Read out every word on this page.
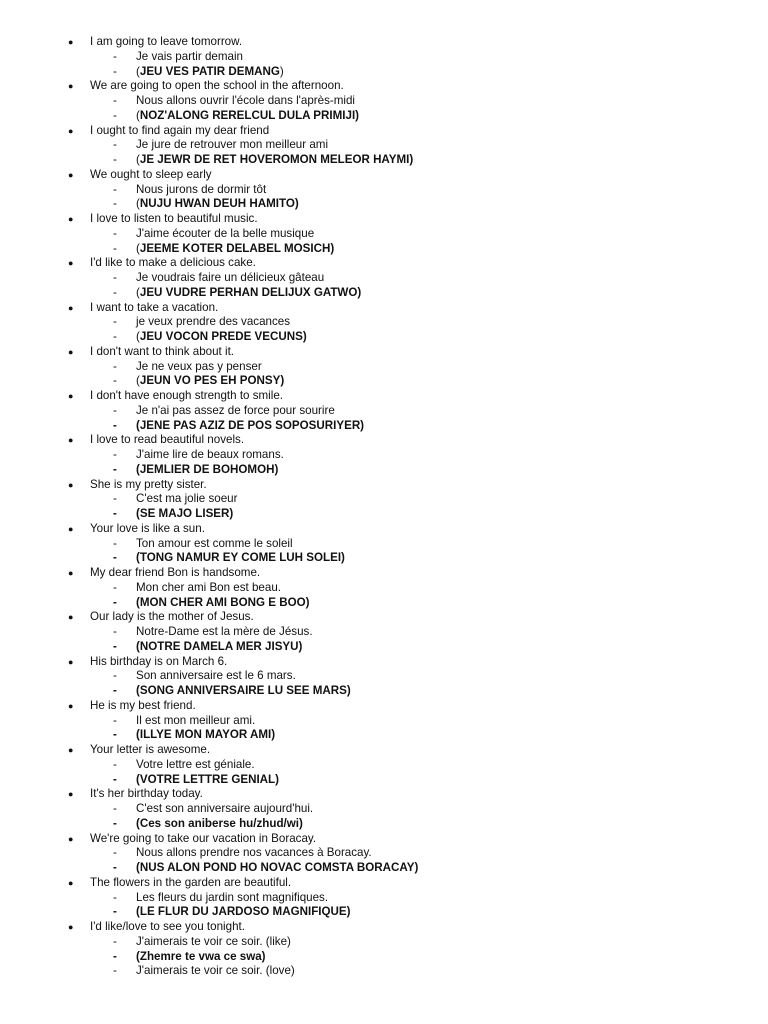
● I am going to leave tomorrow.
- Je vais partir demain
- (JEU VES PATIR DEMANG)
● We are going to open the school in the afternoon.
- Nous allons ouvrir l'école dans l'après-midi
- (NOZ'ALONG RERELCUL DULA PRIMIJI)
● I ought to find again my dear friend
- Je jure de retrouver mon meilleur ami
- (JE JEWR DE RET HOVEROMON MELEOR HAYMI)
● We ought to sleep early
- Nous jurons de dormir tôt
- (NUJU HWAN DEUH HAMITO)
● I love to listen to beautiful music.
- J'aime écouter de la belle musique
- (JEEME KOTER DELABEL MOSICH)
● I'd like to make a delicious cake.
- Je voudrais faire un délicieux gâteau
- (JEU VUDRE PERHAN DELIJUX GATWO)
● I want to take a vacation.
- je veux prendre des vacances
- (JEU VOCON PREDE VECUNS)
● I don't want to think about it.
- Je ne veux pas y penser
- (JEUN VO PES EH PONSY)
● I don't have enough strength to smile.
- Je n'ai pas assez de force pour sourire
- (JENE PAS AZIZ DE POS SOPOSURIYER)
● I love to read beautiful novels.
- J'aime lire de beaux romans.
- (JEMLIER DE BOHOMOH)
● She is my pretty sister.
- C'est ma jolie soeur
- (SE MAJO LISER)
● Your love is like a sun.
- Ton amour est comme le soleil
- (TONG NAMUR EY COME LUH SOLEI)
● My dear friend Bon is handsome.
- Mon cher ami Bon est beau.
- (MON CHER AMI BONG E BOO)
● Our lady is the mother of Jesus.
- Notre-Dame est la mère de Jésus.
- (NOTRE DAMELA MER JISYU)
● His birthday is on March 6.
- Son anniversaire est le 6 mars.
- (SONG ANNIVERSAIRE LU SEE MARS)
● He is my best friend.
- Il est mon meilleur ami.
- (ILLYE MON MAYOR AMI)
● Your letter is awesome.
- Votre lettre est géniale.
- (VOTRE LETTRE GENIAL)
● It's her birthday today.
- C'est son anniversaire aujourd'hui.
- (Ces son aniberse hu/zhud/wi)
● We're going to take our vacation in Boracay.
- Nous allons prendre nos vacances à Boracay.
- (NUS ALON POND HO NOVAC COMSTA BORACAY)
● The flowers in the garden are beautiful.
- Les fleurs du jardin sont magnifiques.
- (LE FLUR DU JARDOSO MAGNIFIQUE)
● I'd like/love to see you tonight.
- J'aimerais te voir ce soir. (like)
- (Zhemre te vwa ce swa)
- J'aimerais te voir ce soir. (love)
